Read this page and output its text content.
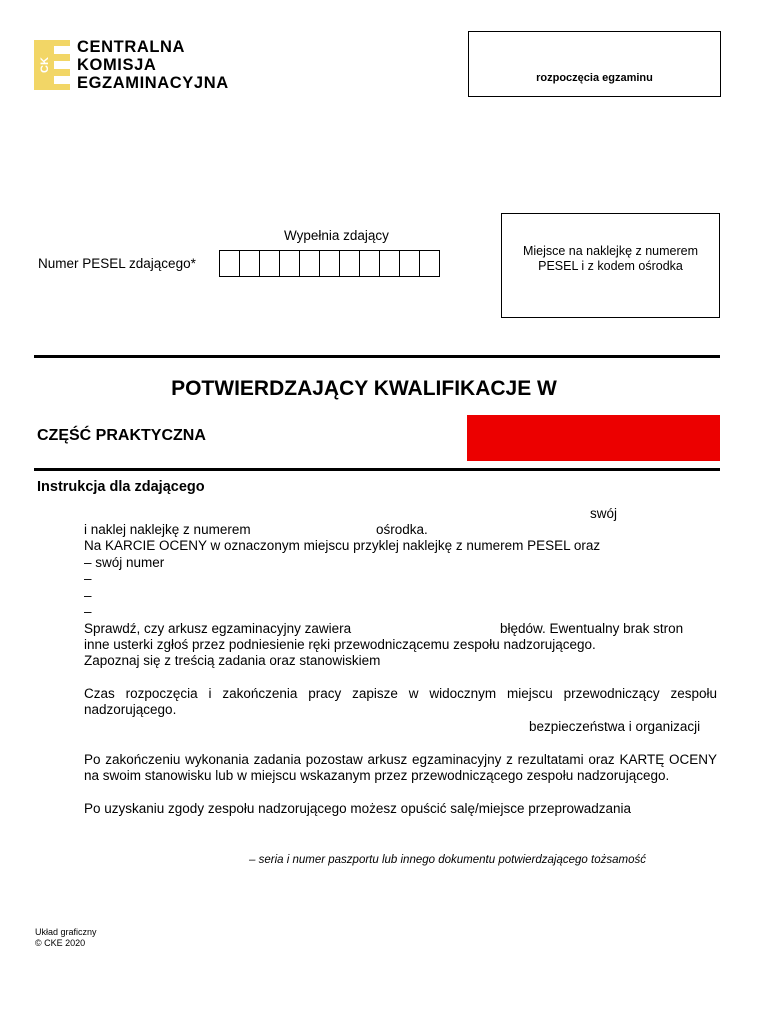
CK
CENTRALNA
KOMISJA
EGZAMINACYJNA	rozpoczęcia egzaminu
Wypełnia zdający
Numer PESEL zdającego*
Miejsce na naklejkę z numerem PESEL i z kodem ośrodka
POTWIERDZAJĄCY KWALIFIKACJE W
CZĘŚĆ PRAKTYCZNA
Instrukcja dla zdającego
swój
i naklej naklejkę z numerem	ośrodka.
Na KARCIE OCENY w oznaczonym miejscu przyklej naklejkę z numerem PESEL oraz
– swój numer
–
–
–
Sprawdź, czy arkusz egzaminacyjny zawiera	błędów. Ewentualny brak stron
inne usterki zgłoś przez podniesienie ręki przewodniczącemu zespołu nadzorującego.
Zapoznaj się z treścią zadania oraz stanowiskiem
Czas rozpoczęcia i zakończenia pracy zapisze w widocznym miejscu przewodniczący zespołu nadzorującego.
bezpieczeństwa i organizacji
Po zakończeniu wykonania zadania pozostaw arkusz egzaminacyjny z rezultatami oraz KARTĘ OCENY na swoim stanowisku lub w miejscu wskazanym przez przewodniczącego zespołu nadzorującego.
Po uzyskaniu zgody zespołu nadzorującego możesz opuścić salę/miejsce przeprowadzania
– seria i numer paszportu lub innego dokumentu potwierdzającego tożsamość
Układ graficzny
© CKE 2020
